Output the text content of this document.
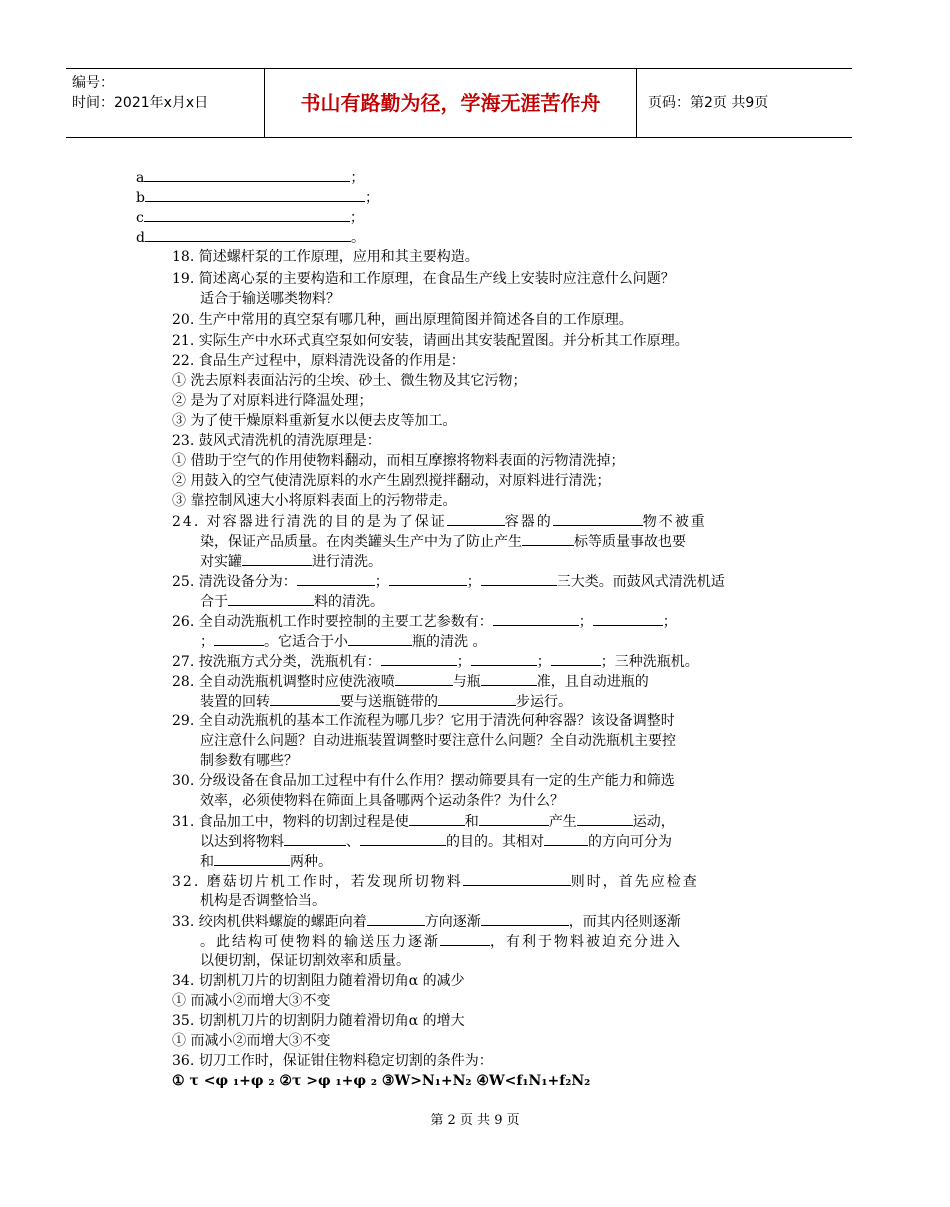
编号：
时间：2021年x月x日	书山有路勤为径，学海无涯苦作舟	页码：第2页 共9页
a	；
b	；
c	；
d	。
18. 简述螺杆泵的工作原理，应用和其主要构造。
19. 简述离心泵的主要构造和工作原理，在食品生产线上安装时应注意什么问题？
适合于输送哪类物料？
20. 生产中常用的真空泵有哪几种，画出原理简图并简述各自的工作原理。
21. 实际生产中水环式真空泵如何安装，请画出其安装配置图。并分析其工作原理。
22. 食品生产过程中，原料清洗设备的作用是：
① 洗去原料表面沾污的尘埃、砂土、微生物及其它污物；
② 是为了对原料进行降温处理；
③ 为了使干燥原料重新复水以便去皮等加工。
23. 鼓风式清洗机的清洗原理是：
① 借助于空气的作用使物料翻动，而相互摩擦将物料表面的污物清洗掉；
② 用鼓入的空气使清洗原料的水产生剧烈搅拌翻动，对原料进行清洗；
③ 靠控制风速大小将原料表面上的污物带走。
24. 对容器进行清洗的目的是为了保证	容器的	物不被重
染，保证产品质量。在肉类罐头生产中为了防止产生	标等质量事故也要
对实罐	进行清洗。
25. 清洗设备分为：	；	；	三大类。而鼓风式清洗机适
合于	料的清洗。
26. 全自动洗瓶机工作时要控制的主要工艺参数有：	；	；
；	。它适合于小	瓶的清洗 。
27. 按洗瓶方式分类，洗瓶机有：	；	；	；三种洗瓶机。
28. 全自动洗瓶机调整时应使洗液喷	与瓶	准，且自动进瓶的
装置的回转	要与送瓶链带的	步运行。
29. 全自动洗瓶机的基本工作流程为哪几步？它用于清洗何种容器？该设备调整时
应注意什么问题？自动进瓶装置调整时要注意什么问题？全自动洗瓶机主要控
制参数有哪些？
30. 分级设备在食品加工过程中有什么作用？摆动筛要具有一定的生产能力和筛选
效率，必须使物料在筛面上具备哪两个运动条件？为什么？
31. 食品加工中，物料的切割过程是使	和	产生	运动，
以达到将物料	、	的目的。其相对	的方向可分为
和	两种。
32. 磨菇切片机工作时，若发现所切物料	则时，首先应检查
机构是否调整恰当。
33. 绞肉机供料螺旋的螺距向着	方向逐渐	，而其内径则逐渐
。此结构可使物料的输送压力逐渐	，有利于物料被迫充分进入
以便切割，保证切割效率和质量。
34. 切割机刀片的切割阻力随着滑切角α 的减少
① 而减小②而增大③不变
35. 切割机刀片的切割阴力随着滑切角α 的增大
① 而减小②而增大③不变
36. 切刀工作时，保证钳住物料稳定切割的条件为：
① τ <φ ₁+φ ₂ ②τ >φ ₁+φ ₂ ③W>N₁+N₂ ④W<f₁N₁+f₂N₂
第 2 页 共 9 页
